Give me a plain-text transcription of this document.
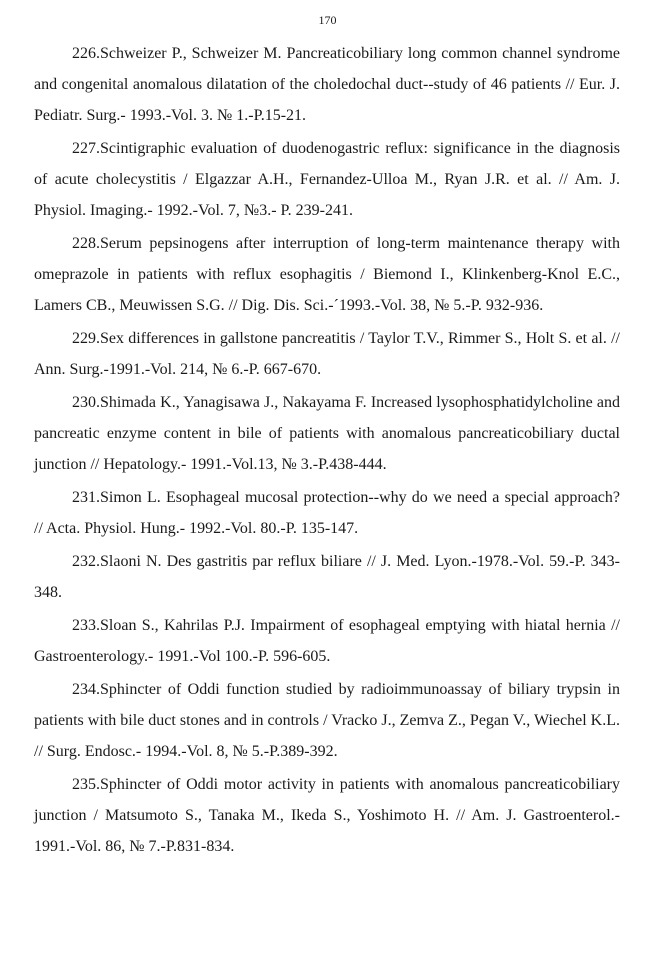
170

226.Schweizer P., Schweizer M. Pancreaticobiliary long common channel syndrome and congenital anomalous dilatation of the choledochal duct--study of 46 patients // Eur. J. Pediatr. Surg.- 1993.-Vol. 3. № 1.-P.15-21.

227.Scintigraphic evaluation of duodenogastric reflux: significance in the diagnosis of acute cholecystitis / Elgazzar A.H., Fernandez-Ulloa M., Ryan J.R. et al. // Am. J. Physiol. Imaging.- 1992.-Vol. 7, №3.- P. 239-241.

228.Serum pepsinogens after interruption of long-term maintenance therapy with omeprazole in patients with reflux esophagitis / Biemond I., Klinkenberg-Knol E.C., Lamers CB., Meuwissen S.G. // Dig. Dis. Sci.-´1993.-Vol. 38, № 5.-P. 932-936.

229.Sex differences in gallstone pancreatitis / Taylor T.V., Rimmer S., Holt S. et al. // Ann. Surg.-1991.-Vol. 214, № 6.-P. 667-670.

230.Shimada K., Yanagisawa J., Nakayama F. Increased lysophosphatidylcholine and pancreatic enzyme content in bile of patients with anomalous pancreaticobiliary ductal junction // Hepatology.- 1991.-Vol.13, № 3.-P.438-444.

231.Simon L. Esophageal mucosal protection--why do we need a special approach? // Acta. Physiol. Hung.- 1992.-Vol. 80.-P. 135-147.

232.Slaoni N. Des gastritis par reflux biliare // J. Med. Lyon.-1978.-Vol. 59.-P. 343-348.

233.Sloan S., Kahrilas P.J. Impairment of esophageal emptying with hiatal hernia // Gastroenterology.- 1991.-Vol 100.-P. 596-605.

234.Sphincter of Oddi function studied by radioimmunoassay of biliary trypsin in patients with bile duct stones and in controls / Vracko J., Zemva Z., Pegan V., Wiechel K.L. // Surg. Endosc.- 1994.-Vol. 8, № 5.-P.389-392.

235.Sphincter of Oddi motor activity in patients with anomalous pancreaticobiliary junction / Matsumoto S., Tanaka M., Ikeda S., Yoshimoto H. // Am. J. Gastroenterol.- 1991.-Vol. 86, № 7.-P.831-834.
